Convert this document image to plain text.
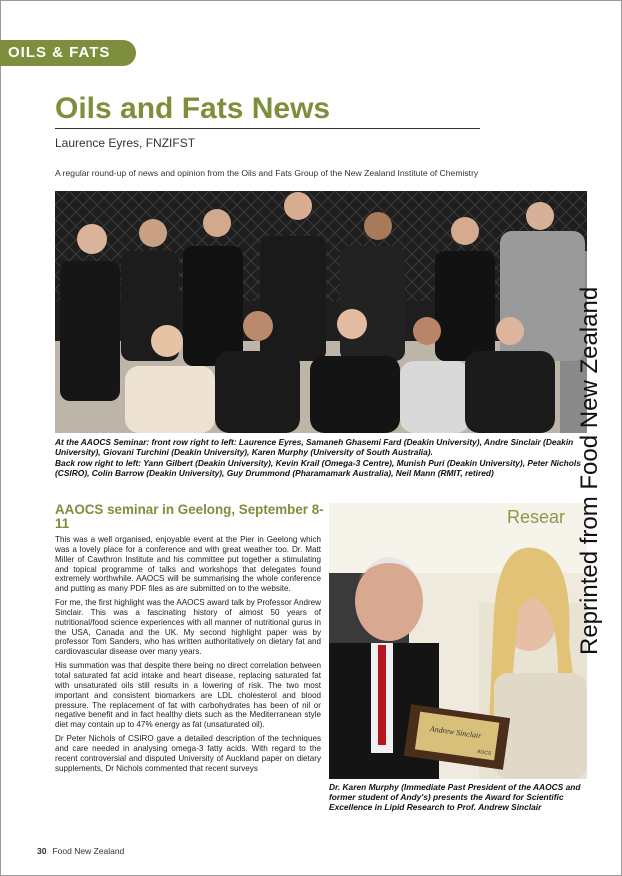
OILS & FATS
Oils and Fats News
Laurence Eyres, FNZIFST
A regular round-up of news and opinion from the Oils and Fats Group of the New Zealand Institute of Chemistry

At the AAOCS Seminar: front row right to left: Laurence Eyres, Samaneh Ghasemi Fard (Deakin University), Andre Sinclair (Deakin University), Giovani Turchini (Deakin University), Karen Murphy (University of South Australia).

Back row right to left: Yann Gilbert (Deakin University), Kevin Krail (Omega-3 Centre), Munish Puri (Deakin University), Peter Nichols (CSIRO), Colin Barrow (Deakin University), Guy Drummond (Pharamamark Australia), Neil Mann (RMIT, retired)

AAOCS seminar in Geelong, September 8-11

This was a well organised, enjoyable event at the Pier in Geelong which was a lovely place for a conference and with great weather too. Dr. Matt Miller of Cawthron Institute and his committee put together a stimulating and topical programme of talks and workshops that delegates found extremely worthwhile. AAOCS will be summarising the whole conference and putting as many PDF files as are submitted on to the website.

For me, the first highlight was the AAOCS award talk by Professor Andrew Sinclair. This was a fascinating history of almost 50 years of nutritional/food science experiences with all manner of nutritional gurus in the USA, Canada and the UK. My second highlight paper was by professor Tom Sanders, who has written authoritatively on dietary fat and cardiovascular disease over many years.

His summation was that despite there being no direct correlation between total saturated fat acid intake and heart disease, replacing saturated fat with unsaturated oils still results in a lowering of risk. The two most important and consistent biomarkers are LDL cholesterol and blood pressure. The replacement of fat with carbohydrates has been of nil or negative benefit and in fact healthy diets such as the Mediterranean style diet may contain up to 47% energy as fat (unsaturated oil).

Dr Peter Nichols of CSIRO gave a detailed description of the techniques and care needed in analysing omega-3 fatty acids. With regard to the recent controversial and disputed University of Auckland paper on dietary supplements, Dr Nichols commented that recent surveys

Resear
Andrew Sinclair
AOCS

Dr. Karen Murphy (Immediate Past President of the AAOCS and former student of Andy's) presents the Award for Scientific Excellence in Lipid Research to Prof. Andrew Sinclair

Reprinted from Food New Zealand
30 Food New Zealand
